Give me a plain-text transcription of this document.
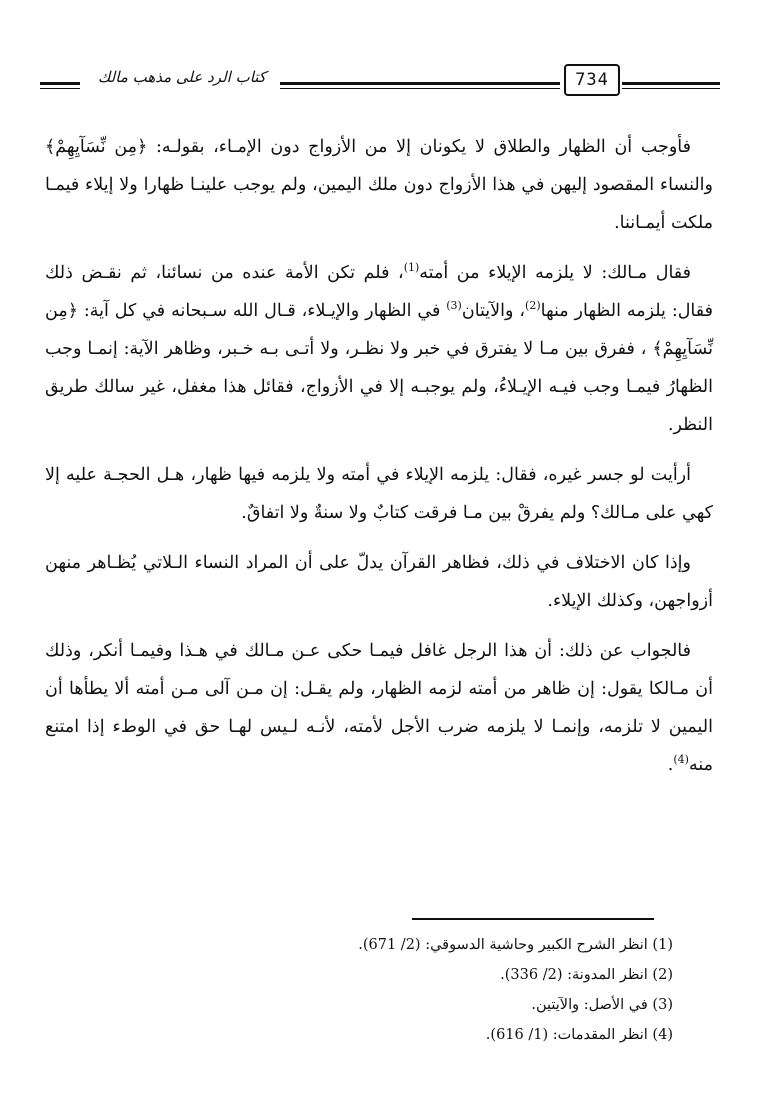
كتاب الرد على مذهب مالك	734

فأوجب أن الظهار والطلاق لا يكونان إلا من الأزواج دون الإمـاء، بقولـه: ﴿مِن نِّسَآيِهِمْ﴾ والنساء المقصود إليهن في هذا الأزواج دون ملك اليمين، ولم يوجب علينـا ظهارا ولا إيلاء فيمـا ملكت أيمـاننا.

فقال مـالك: لا يلزمه الإيلاء من أمته$^{(1)}$، فلم تكن الأمة عنده من نسائنا، ثم نقـض ذلك فقال: يلزمه الظهار منها$^{(2)}$، والآيتان$^{(3)}$ في الظهار والإيـلاء، قـال الله سـبحانه في كل آية: ﴿مِن نِّسَآيِهِمْ﴾ ، ففرق بين مـا لا يفترق في خبر ولا نظـر، ولا أتـى بـه خـبر، وظاهر الآية: إنمـا وجب الظهارُ فيمـا وجب فيـه الإيـلاءُ، ولم يوجبـه إلا في الأزواج، فقائل هذا مغفل، غير سالك طريق النظر.

أرأيت لو جسر غيره، فقال: يلزمه الإيلاء في أمته ولا يلزمه فيها ظهار، هـل الحجـة عليه إلا كهي على مـالك؟ ولم يفرقْ بين مـا فرقت كتابٌ ولا سنةٌ ولا اتفاقٌ.

وإذا كان الاختلاف في ذلك، فظاهر القرآن يدلّ على أن المراد النساء الـلاتي يُظـاهر منهن أزواجهن، وكذلك الإيلاء.

فالجواب عن ذلك: أن هذا الرجل غافل فيمـا حكى عـن مـالك في هـذا وفيمـا أنكر، وذلك أن مـالكا يقول: إن ظاهر من أمته لزمه الظهار، ولم يقـل: إن مـن آلى مـن أمته ألا يطأها أن اليمين لا تلزمه، وإنمـا لا يلزمه ضرب الأجل لأمته، لأنـه لـيس لهـا حق في الوطء إذا امتنع منه$^{(4)}$.

(1) انظر الشرح الكبير وحاشية الدسوقي: (2/ 671).

(2) انظر المدونة: (2/ 336).

(3) في الأصل: والآيتين.

(4) انظر المقدمات: (1/ 616).
